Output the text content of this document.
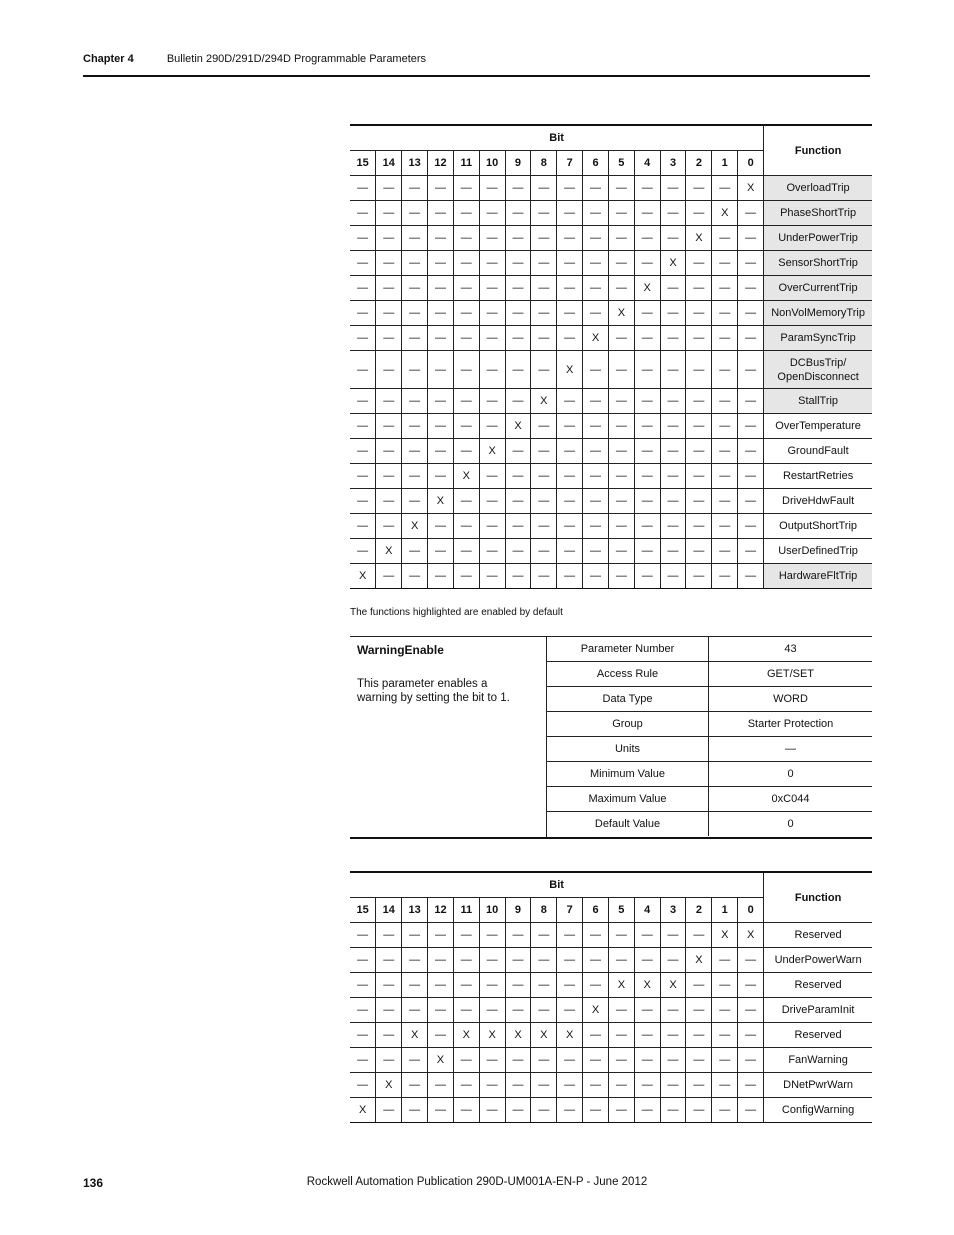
Chapter 4	Bulletin 290D/291D/294D Programmable Parameters
Bit																Function
15	14	13	12	11	10	9	8	7	6	5	4	3	2	1	0	
—	—	—	—	—	—	—	—	—	—	—	—	—	—	—	X	OverloadTrip
—	—	—	—	—	—	—	—	—	—	—	—	—	—	X	—	PhaseShortTrip
—	—	—	—	—	—	—	—	—	—	—	—	—	X	—	—	UnderPowerTrip
—	—	—	—	—	—	—	—	—	—	—	—	X	—	—	—	SensorShortTrip
—	—	—	—	—	—	—	—	—	—	—	X	—	—	—	—	OverCurrentTrip
—	—	—	—	—	—	—	—	—	—	X	—	—	—	—	—	NonVolMemoryTrip
—	—	—	—	—	—	—	—	—	X	—	—	—	—	—	—	ParamSyncTrip
—	—	—	—	—	—	—	—	X	—	—	—	—	—	—	—	DCBusTrip/ OpenDisconnect
—	—	—	—	—	—	—	X	—	—	—	—	—	—	—	—	StallTrip
—	—	—	—	—	—	X	—	—	—	—	—	—	—	—	—	OverTemperature
—	—	—	—	—	X	—	—	—	—	—	—	—	—	—	—	GroundFault
—	—	—	—	X	—	—	—	—	—	—	—	—	—	—	—	RestartRetries
—	—	—	X	—	—	—	—	—	—	—	—	—	—	—	—	DriveHdwFault
—	—	X	—	—	—	—	—	—	—	—	—	—	—	—	—	OutputShortTrip
—	X	—	—	—	—	—	—	—	—	—	—	—	—	—	—	UserDefinedTrip
X	—	—	—	—	—	—	—	—	—	—	—	—	—	—	—	HardwareFltTrip
The functions highlighted are enabled by default
WarningEnable
This parameter enables a warning by setting the bit to 1.
Parameter Number	43
Access Rule	GET/SET
Data Type	WORD
Group	Starter Protection
Units	—
Minimum Value	0
Maximum Value	0xC044
Default Value	0
Bit																Function
15	14	13	12	11	10	9	8	7	6	5	4	3	2	1	0	
—	—	—	—	—	—	—	—	—	—	—	—	—	—	X	X	Reserved
—	—	—	—	—	—	—	—	—	—	—	—	—	X	—	—	UnderPowerWarn
—	—	—	—	—	—	—	—	—	—	X	X	X	—	—	—	Reserved
—	—	—	—	—	—	—	—	—	X	—	—	—	—	—	—	DriveParamInit
—	—	X	—	X	X	X	X	X	—	—	—	—	—	—	—	Reserved
—	—	—	X	—	—	—	—	—	—	—	—	—	—	—	—	FanWarning
—	X	—	—	—	—	—	—	—	—	—	—	—	—	—	—	DNetPwrWarn
X	—	—	—	—	—	—	—	—	—	—	—	—	—	—	—	ConfigWarning
Rockwell Automation Publication 290D-UM001A-EN-P - June 2012
136
